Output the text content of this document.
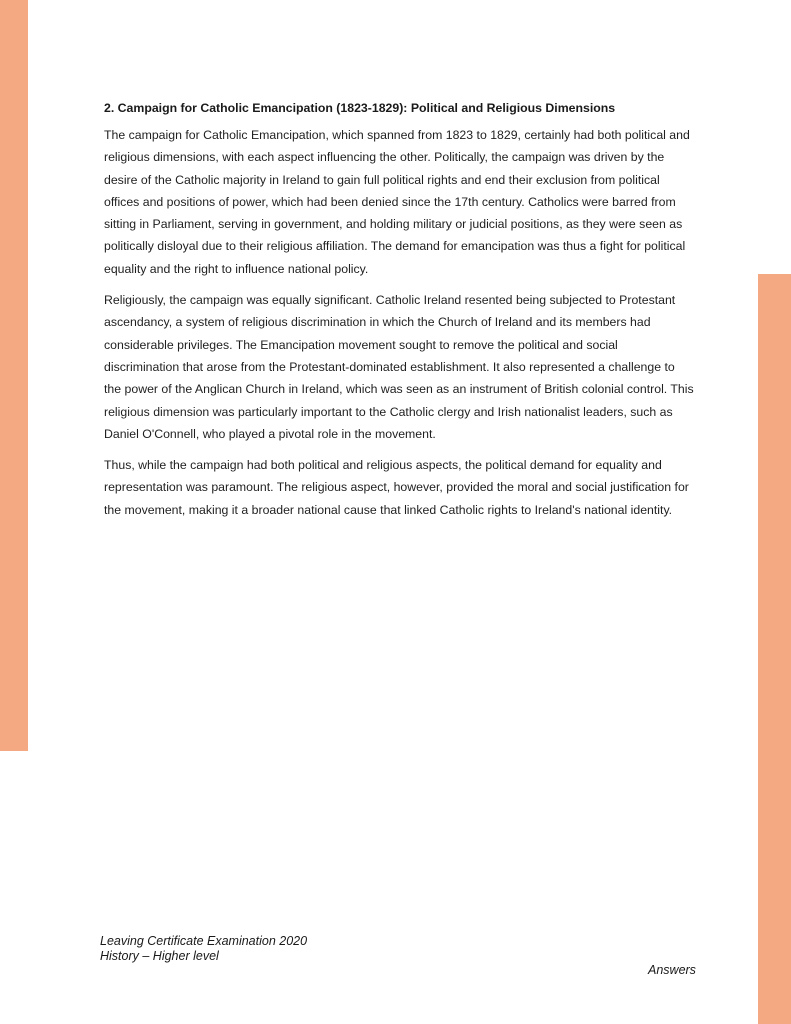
2. Campaign for Catholic Emancipation (1823-1829): Political and Religious Dimensions

The campaign for Catholic Emancipation, which spanned from 1823 to 1829, certainly had both political and religious dimensions, with each aspect influencing the other. Politically, the campaign was driven by the desire of the Catholic majority in Ireland to gain full political rights and end their exclusion from political offices and positions of power, which had been denied since the 17th century. Catholics were barred from sitting in Parliament, serving in government, and holding military or judicial positions, as they were seen as politically disloyal due to their religious affiliation. The demand for emancipation was thus a fight for political equality and the right to influence national policy.

Religiously, the campaign was equally significant. Catholic Ireland resented being subjected to Protestant ascendancy, a system of religious discrimination in which the Church of Ireland and its members had considerable privileges. The Emancipation movement sought to remove the political and social discrimination that arose from the Protestant-dominated establishment. It also represented a challenge to the power of the Anglican Church in Ireland, which was seen as an instrument of British colonial control. This religious dimension was particularly important to the Catholic clergy and Irish nationalist leaders, such as Daniel O'Connell, who played a pivotal role in the movement.

Thus, while the campaign had both political and religious aspects, the political demand for equality and representation was paramount. The religious aspect, however, provided the moral and social justification for the movement, making it a broader national cause that linked Catholic rights to Ireland's national identity.

Leaving Certificate Examination 2020
History – Higher level
Answers
